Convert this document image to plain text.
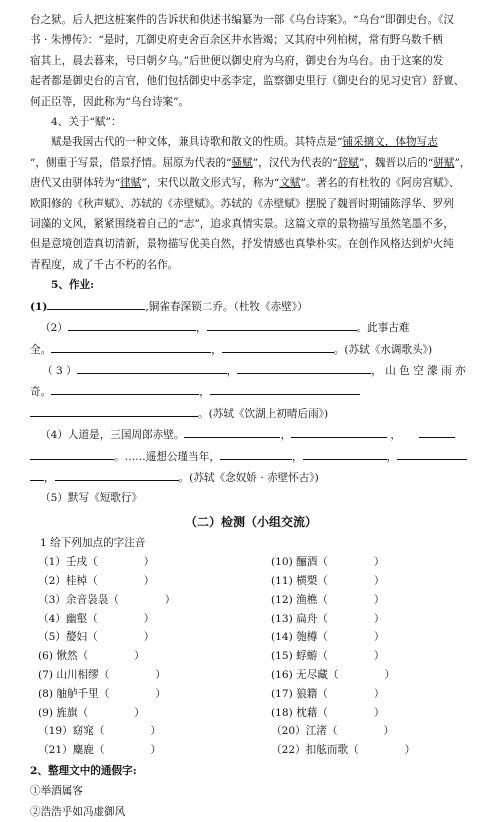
台之狱。后人把这桩案件的告诉状和供述书编纂为一部《乌台诗案》。“乌台”即御史台。《汉

书 · 朱博传》：“是时，兀御史府吏舍百余区井水皆竭；又其府中列柏树，常有野乌数千栖

宿其上，晨去暮来，号曰朝夕乌。”后世便以御史府为乌府，御史台为乌台。由于这案的发

起者都是御史台的言官，他们包括御史中丞李定，监察御史里行（御史台的见习史官）舒亶、

何正臣等，因此称为“乌台诗案”。

4、关于“赋”：

赋是我国古代的一种文体，兼具诗歌和散文的性质。其特点是“铺采摛文，体物写志

”，侧重于写景，借景抒情。屈原为代表的“骚赋”，汉代为代表的“辞赋”，魏晋以后的“骈赋”，

唐代又由骈体转为“律赋”，宋代以散文形式写，称为“文赋”。著名的有杜牧的《阿房宫赋》、

欧阳修的《秋声赋》、苏轼的《赤壁赋》。苏轼的《赤壁赋》摆脱了魏晋时期铺陈浮华、罗列

词藻的文风，紧紧围绕着自己的“志”，追求真情实景。这篇文章的景物描写虽然笔墨不多，

但是意境创造真切清新，景物描写优美自然，抒发情感也真挚朴实。在创作风格达到炉火纯

青程度，成了千古不朽的名作。

5、作业:

(1)	,铜雀春深锁二乔。（杜牧《赤壁》）

（2）	，	。此事古难

全。	，	。(苏轼《水调歌头》)

（ 3 ）	，	， 山 色 空 濛 雨 亦

奇。	，

。(苏轼《饮湖上初晴后雨》)

（4）人道是，三国周郎赤壁。	，	，

。……遥想公瑾当年，	，	，

，	。(苏轼《念奴娇 · 赤壁怀古》)

（5）默写《短歌行》

（二）检测（小组交流）

1 给下列加点的字注音

（1）壬戌（	）	(10) 酾酒（	）
（2）桂棹（	）	(11) 横槊（	）
（3）余音袅袅（	）	(12) 渔樵（	）
（4）幽壑（	）	(13) 扁舟（	）
（5）嫠妇（	）	(14) 匏樽（	）
(6) 愀然（	）	(15) 蜉蝣（	）
(7) 山川相缪（	）	(16) 无尽藏（	）
(8) 舳舻千里（	）	(17) 狼籍（	）
(9) 旌旗（	）	(18) 枕藉（	）
（19）窈窕（	）	（20）江渚（	）
（21）麋鹿（	）	（22）扣舷而歌（	）

2、整理文中的通假字:

①举酒属客

②浩浩乎如冯虚御风
